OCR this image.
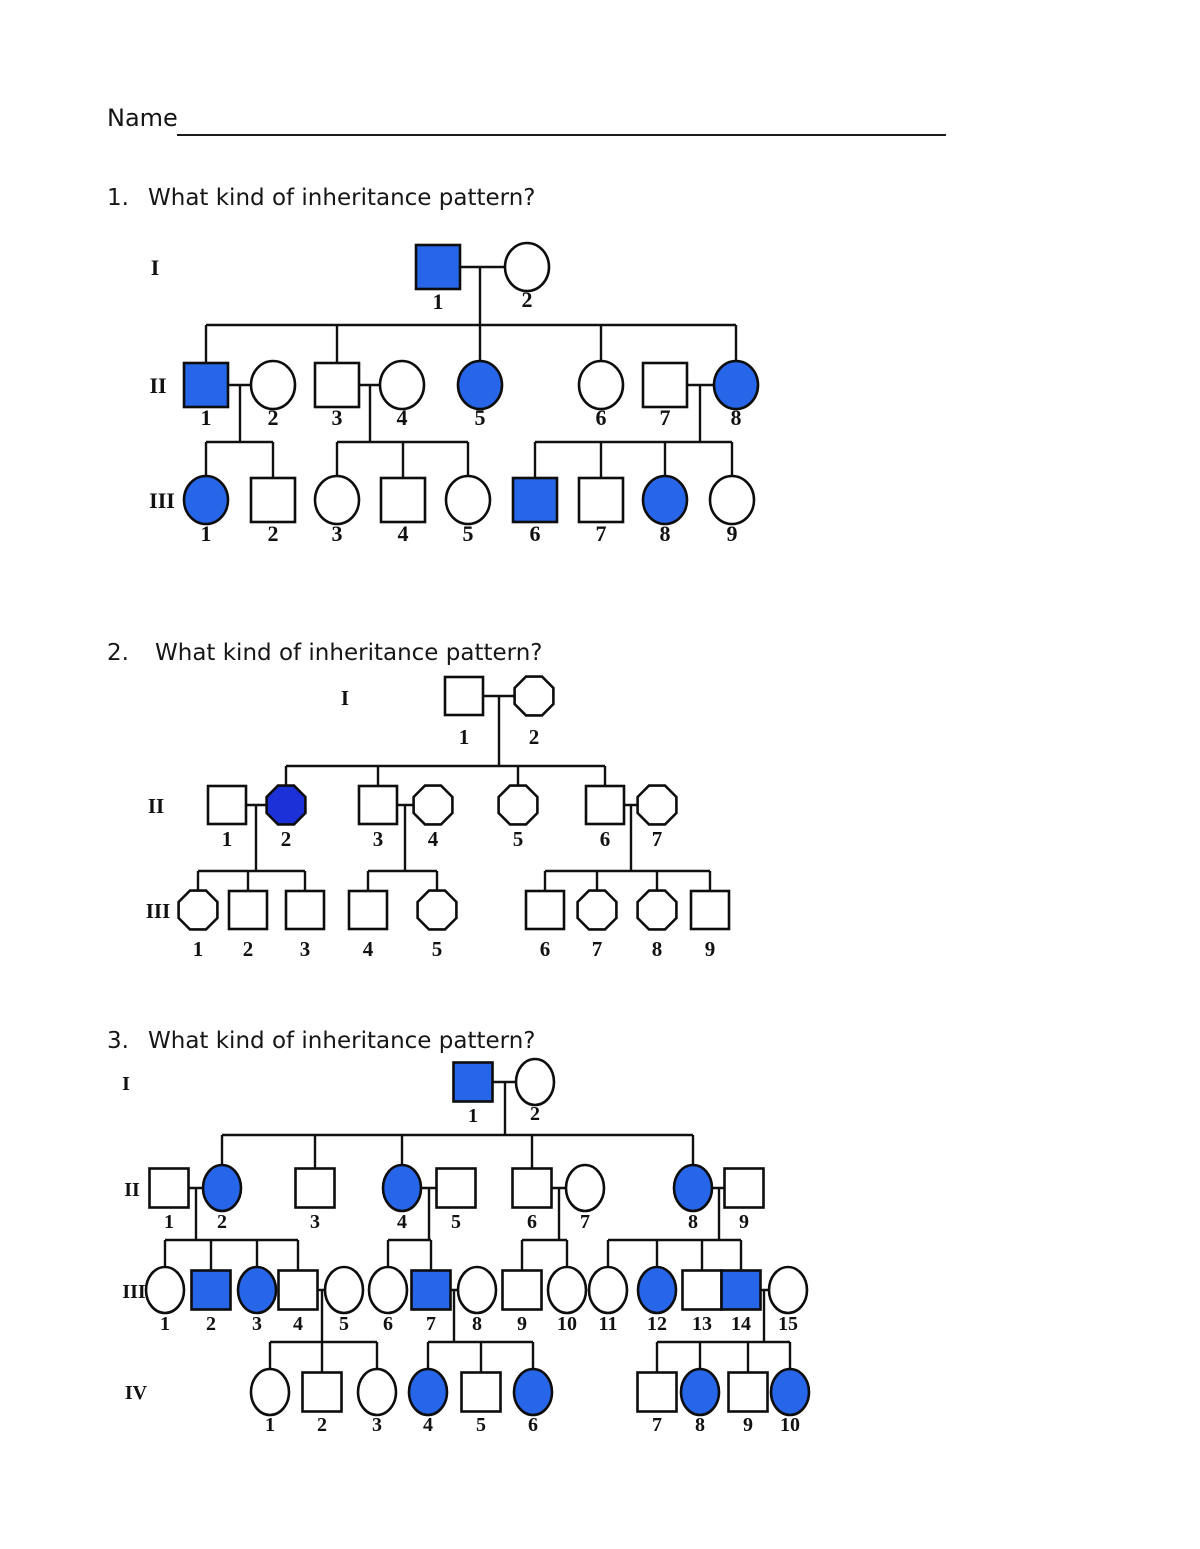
Name
1. What kind of inheritance pattern?
2.	What kind of inheritance pattern?
3. What kind of inheritance pattern?
1	2
1	2 3 4	5	6 7	8
1	2 3	4 5	6	7 8	9
I
II
III
1	2
1 2	3 4	5	6 7
1 2 3	4	5	6 7 8 9
I
II
III
1	2
1 2	3	4 5	6 7	8 9
1 2 3 4 5 6 7 8 9 10 11 12 13 14 15
1 2 3 4 5 6	7 8 9 10
I
II
III
IV
